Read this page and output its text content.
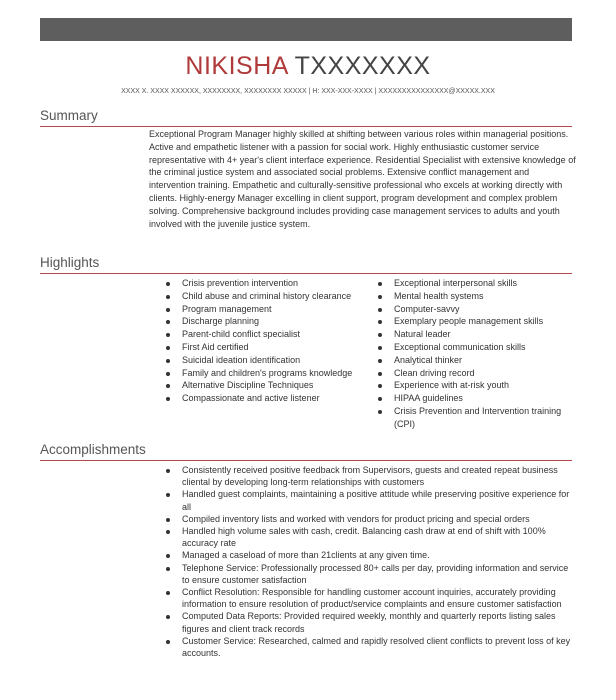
NIKISHA TXXXXXXX
XXXX X. XXXX XXXXXX, XXXXXXXX, XXXXXXXX XXXXX | H: XXX-XXX-XXXX | XXXXXXXXXXXXXXX@XXXXX.XXX
Summary
Exceptional Program Manager highly skilled at shifting between various roles within managerial positions. Active and empathetic listener with a passion for social work. Highly enthusiastic customer service representative with 4+ year's client interface experience. Residential Specialist with extensive knowledge of the criminal justice system and associated social problems. Extensive conflict management and intervention training. Empathetic and culturally-sensitive professional who excels at working directly with clients. Highly-energy Manager excelling in client support, program development and complex problem solving. Comprehensive background includes providing case management services to adults and youth involved with the juvenile justice system.
Highlights
Crisis prevention intervention
Child abuse and criminal history clearance
Program management
Discharge planning
Parent-child conflict specialist
First Aid certified
Suicidal ideation identification
Family and children's programs knowledge
Alternative Discipline Techniques
Compassionate and active listener
Exceptional interpersonal skills
Mental health systems
Computer-savvy
Exemplary people management skills
Natural leader
Exceptional communication skills
Analytical thinker
Clean driving record
Experience with at-risk youth
HIPAA guidelines
Crisis Prevention and Intervention training (CPI)
Accomplishments
Consistently received positive feedback from Supervisors, guests and created repeat business cliental by developing long-term relationships with customers
Handled guest complaints, maintaining a positive attitude while preserving positive experience for all
Compiled inventory lists and worked with vendors for product pricing and special orders
Handled high volume sales with cash, credit. Balancing cash draw at end of shift with 100% accuracy rate
Managed a caseload of more than 21clients at any given time.
Telephone Service: Professionally processed 80+ calls per day, providing information and service to ensure customer satisfaction
Conflict Resolution: Responsible for handling customer account inquiries, accurately providing information to ensure resolution of product/service complaints and ensure customer satisfaction
Computed Data Reports: Provided required weekly, monthly and quarterly reports listing sales figures and client track records
Customer Service: Researched, calmed and rapidly resolved client conflicts to prevent loss of key accounts.
